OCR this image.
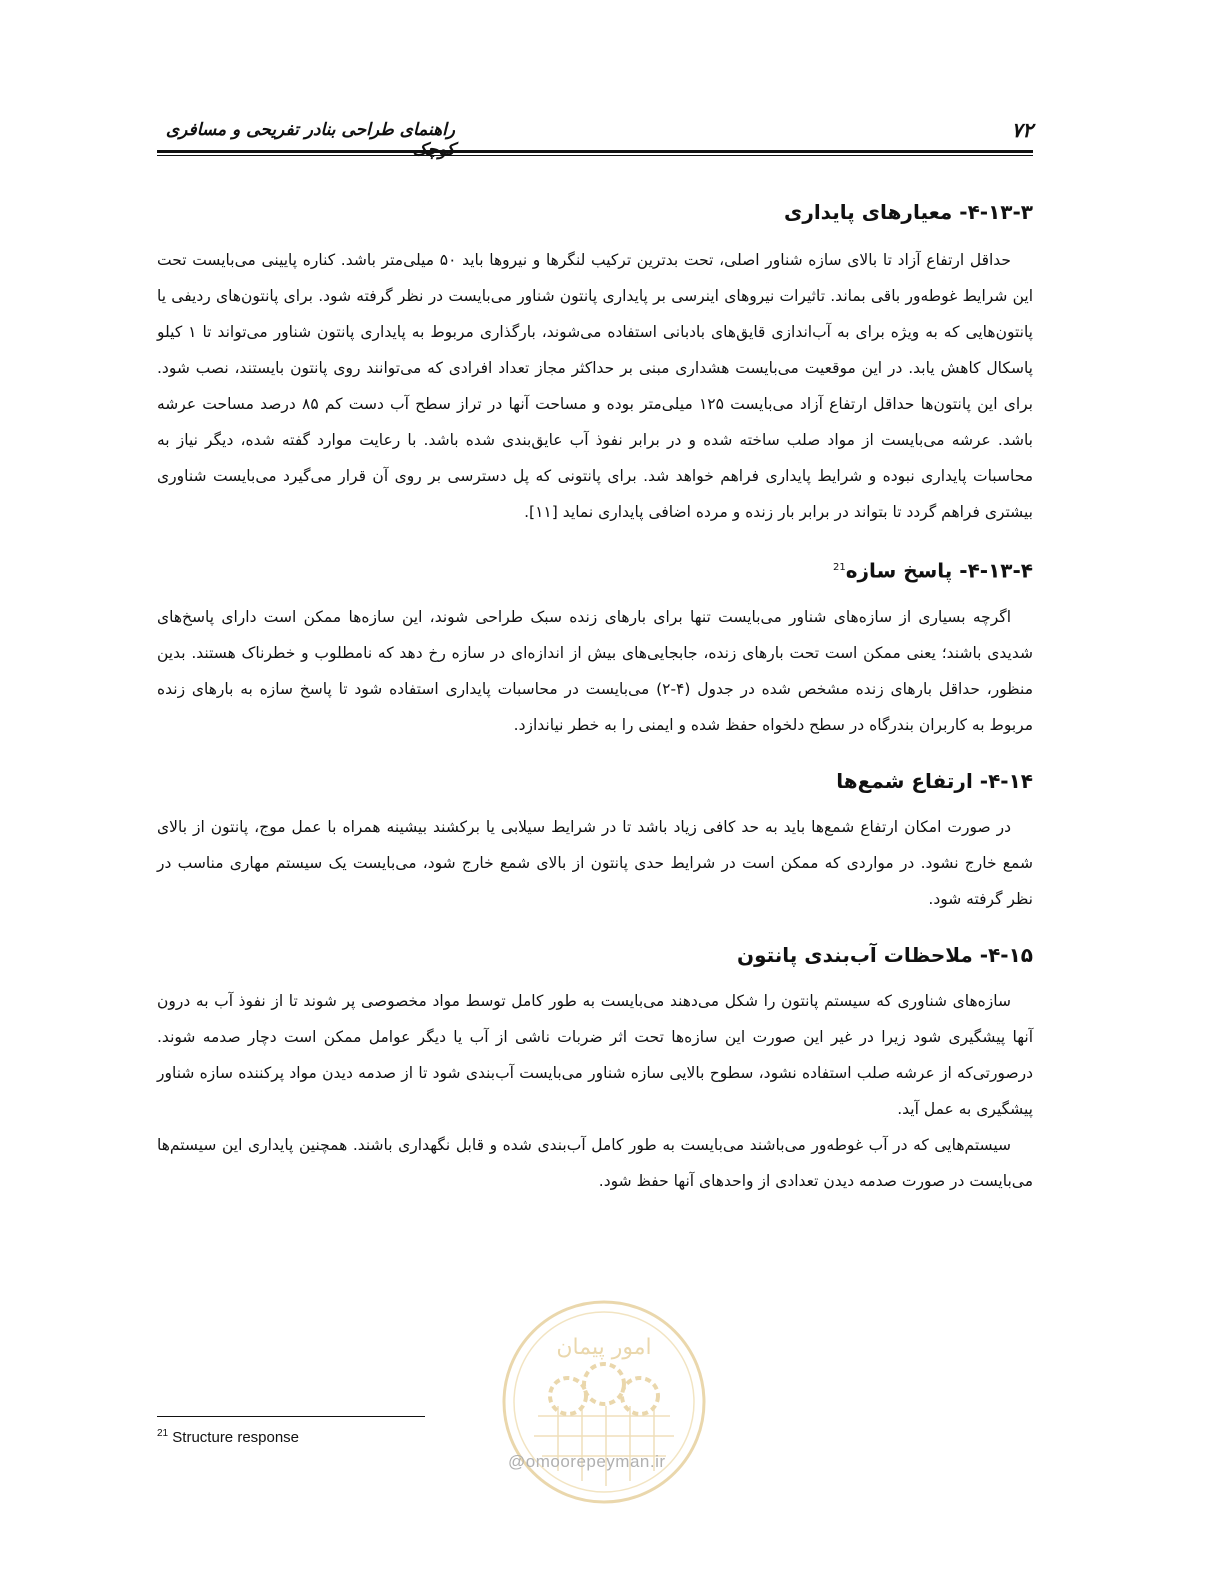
راهنمای طراحی بنادر تفریحی و مسافری	۷۲
۴-۱۳-۳- معیارهای پایداری

حداقل ارتفاع آزاد تا بالای سازه شناور اصلی، تحت بدترین ترکیب لنگرها و نیروها باید ۵۰ میلی‌متر باشد. کناره پایینی می‌بایست تحت این شرایط غوطه‌ور باقی بماند. تاثیرات نیروهای اینرسی بر پایداری پانتون شناور می‌بایست در نظر گرفته شود. برای پانتون‌های ردیفی یا پانتون‌هایی که به ویژه برای به آب‌اندازی قایق‌های بادبانی استفاده می‌شوند، بارگذاری مربوط به پایداری پانتون شناور می‌تواند تا ۱ کیلو پاسکال کاهش یابد. در این موقعیت می‌بایست هشداری مبنی بر حداکثر مجاز تعداد افرادی که می‌توانند روی پانتون بایستند، نصب شود. برای این پانتون‌ها حداقل ارتفاع آزاد می‌بایست ۱۲۵ میلی‌متر بوده و مساحت آنها در تراز سطح آب دست کم ۸۵ درصد مساحت عرشه باشد. عرشه می‌بایست از مواد صلب ساخته شده و در برابر نفوذ آب عایق‌بندی شده باشد. با رعایت موارد گفته شده، دیگر نیاز به محاسبات پایداری نبوده و شرایط پایداری فراهم خواهد شد. برای پانتونی که پل دسترسی بر روی آن قرار می‌گیرد می‌بایست شناوری بیشتری فراهم گردد تا بتواند در برابر بار زنده و مرده اضافی پایداری نماید [۱۱].

۴-۱۳-۴- پاسخ سازه$^{21}$

اگرچه بسیاری از سازه‌های شناور می‌بایست تنها برای بارهای زنده سبک طراحی شوند، این سازه‌ها ممکن است دارای پاسخ‌های شدیدی باشند؛ یعنی ممکن است تحت بارهای زنده، جابجایی‌های بیش از اندازه‌ای در سازه رخ دهد که نامطلوب و خطرناک هستند. بدین منظور، حداقل بارهای زنده مشخص شده در جدول (۴-۲) می‌بایست در محاسبات پایداری استفاده شود تا پاسخ سازه به بارهای زنده مربوط به کاربران بندرگاه در سطح دلخواه حفظ شده و ایمنی را به خطر نیاندازد.

۴-۱۴- ارتفاع شمع‌ها

در صورت امکان ارتفاع شمع‌ها باید به حد کافی زیاد باشد تا در شرایط سیلابی یا برکشند بیشینه همراه با عمل موج، پانتون از بالای شمع خارج نشود. در مواردی که ممکن است در شرایط حدی پانتون از بالای شمع خارج شود، می‌بایست یک سیستم مهاری مناسب در نظر گرفته شود.

۴-۱۵- ملاحظات آب‌بندی پانتون

سازه‌های شناوری که سیستم پانتون را شکل می‌دهند می‌بایست به طور کامل توسط مواد مخصوصی پر شوند تا از نفوذ آب به درون آنها پیشگیری شود زیرا در غیر این صورت این سازه‌ها تحت اثر ضربات ناشی از آب یا دیگر عوامل ممکن است دچار صدمه شوند. درصورتی‌که از عرشه صلب استفاده نشود، سطوح بالایی سازه شناور می‌بایست آب‌بندی شود تا از صدمه دیدن مواد پرکننده سازه شناور پیشگیری به عمل آید.

سیستم‌هایی که در آب غوطه‌ور می‌باشند می‌بایست به طور کامل آب‌بندی شده و قابل نگهداری باشند. همچنین پایداری این سیستم‌ها می‌بایست در صورت صدمه دیدن تعدادی از واحدهای آنها حفظ شود.

امور پیمان
@omoorepeyman.ir
$^{21}$ Structure response
